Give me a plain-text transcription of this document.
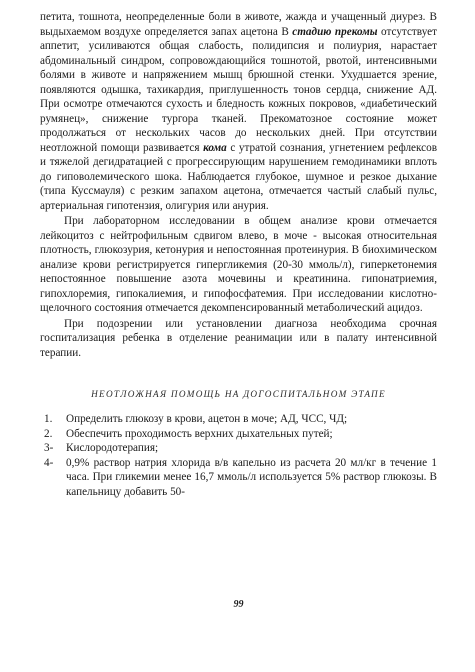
петита, тошнота, неопределенные боли в животе, жажда и учащенный диурез. В выдыхаемом воздухе определяется запах ацетона В стадию прекомы отсутствует аппетит, усиливаются общая слабость, полидипсия и полиурия, нарастает абдоминальный синдром, сопровождающийся тошнотой, рвотой, интенсивными болями в животе и напряжением мышц брюшной стенки. Ухудшается зрение, появляются одышка, тахикардия, приглушенность тонов сердца, снижение АД. При осмотре отмечаются сухость и бледность кожных покровов, «диабетический румянец», снижение тургора тканей. Прекоматозное состояние может продолжаться от нескольких часов до нескольких дней. При отсутствии неотложной помощи развивается кома с утратой сознания, угнетением рефлексов и тяжелой дегидратацией с прогрессирующим нарушением гемодинамики вплоть до гиповолемического шока. Наблюдается глубокое, шумное и резкое дыхание (типа Куссмауля) с резким запахом ацетона, отмечается частый слабый пульс, артериальная гипотензия, олигурия или анурия.

При лабораторном исследовании в общем анализе крови отмечается лейкоцитоз с нейтрофильным сдвигом влево, в моче - высокая относительная плотность, глюкозурия, кетонурия и непостоянная протеинурия. В биохимическом анализе крови регистрируется гипергликемия (20-30 ммоль/л), гиперкетонемия непостоянное повышение азота мочевины и креатинина. гипонатриемия, гипохлоремия, гипокалиемия, и гипофосфатемия. При исследовании кислотно-щелочного состояния отмечается декомпенсированный метаболический ацидоз.

При подозрении или установлении диагноза необходима срочная госпитализация ребенка в отделение реанимации или в палату интенсивной терапии.

НЕОТЛОЖНАЯ ПОМОЩЬ НА ДОГОСПИТАЛЬНОМ ЭТАПЕ
1.	Определить глюкозу в крови, ацетон в моче; АД, ЧСС, ЧД;
2.	Обеспечить проходимость верхних дыхательных путей;
3-	Кислородотерапия;
4-	0,9% раствор натрия хлорида в/в капельно из расчета 20 мл/кг в течение 1 часа. При гликемии менее 16,7 ммоль/л используется 5% раствор глюкозы. В капельницу добавить 50-
99
